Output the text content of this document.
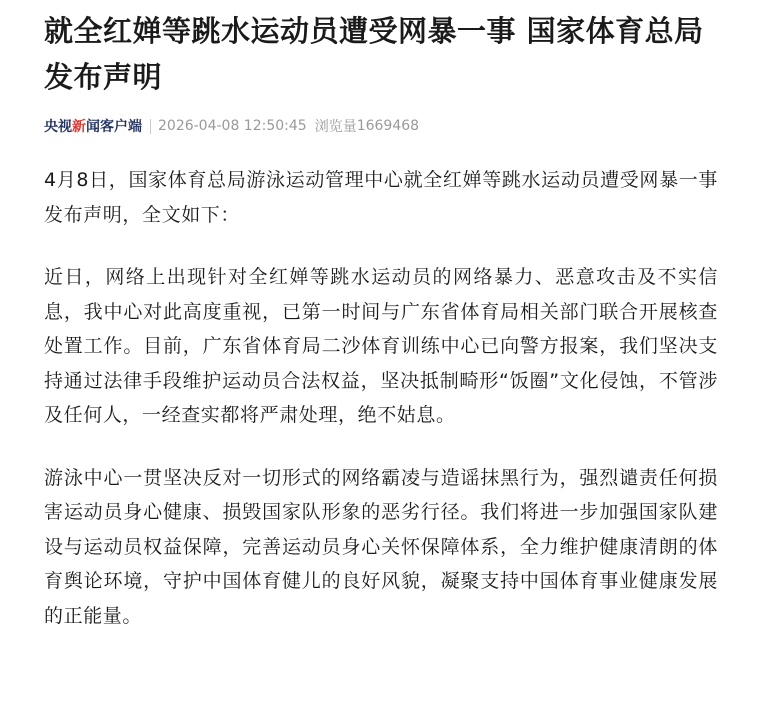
就全红婵等跳水运动员遭受网暴一事 国家体育总局发布声明
央视新闻客户端 2026-04-08 12:50:45 浏览量 1669468

4月8日，国家体育总局游泳运动管理中心就全红婵等跳水运动员遭受网暴一事发布声明，全文如下：

近日，网络上出现针对全红婵等跳水运动员的网络暴力、恶意攻击及不实信息，我中心对此高度重视，已第一时间与广东省体育局相关部门联合开展核查处置工作。目前，广东省体育局二沙体育训练中心已向警方报案，我们坚决支持通过法律手段维护运动员合法权益，坚决抵制畸形“饭圈”文化侵蚀，不管涉及任何人，一经查实都将严肃处理，绝不姑息。

游泳中心一贯坚决反对一切形式的网络霸凌与造谣抹黑行为，强烈谴责任何损害运动员身心健康、损毁国家队形象的恶劣行径。我们将进一步加强国家队建设与运动员权益保障，完善运动员身心关怀保障体系，全力维护健康清朗的体育舆论环境，守护中国体育健儿的良好风貌，凝聚支持中国体育事业健康发展的正能量。
